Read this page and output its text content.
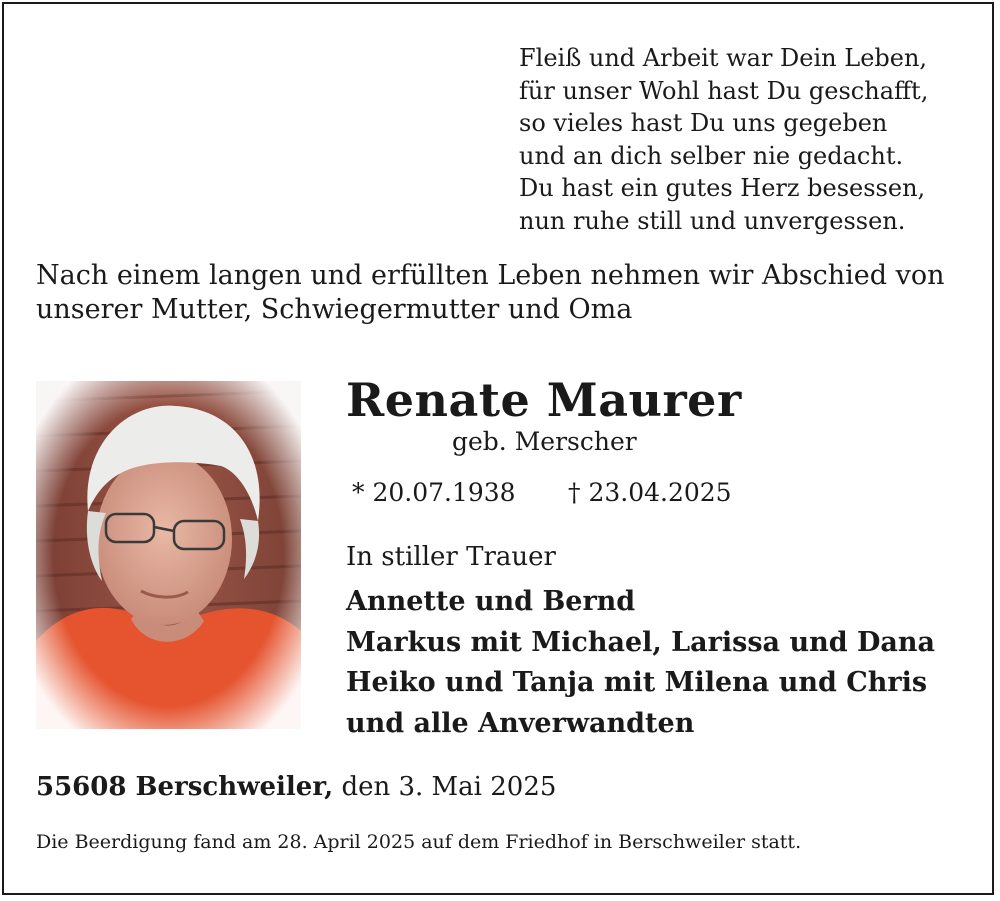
Fleiß und Arbeit war Dein Leben,
für unser Wohl hast Du geschafft,
so vieles hast Du uns gegeben
und an dich selber nie gedacht.
Du hast ein gutes Herz besessen,
nun ruhe still und unvergessen.
Nach einem langen und erfüllten Leben nehmen wir Abschied von
unserer Mutter, Schwiegermutter und Oma
Renate Maurer
geb. Merscher
* 20.07.1938 † 23.04.2025
In stiller Trauer
Annette und Bernd
Markus mit Michael, Larissa und Dana
Heiko und Tanja mit Milena und Chris
und alle Anverwandten
55608 Berschweiler, den 3. Mai 2025
Die Beerdigung fand am 28. April 2025 auf dem Friedhof in Berschweiler statt.
